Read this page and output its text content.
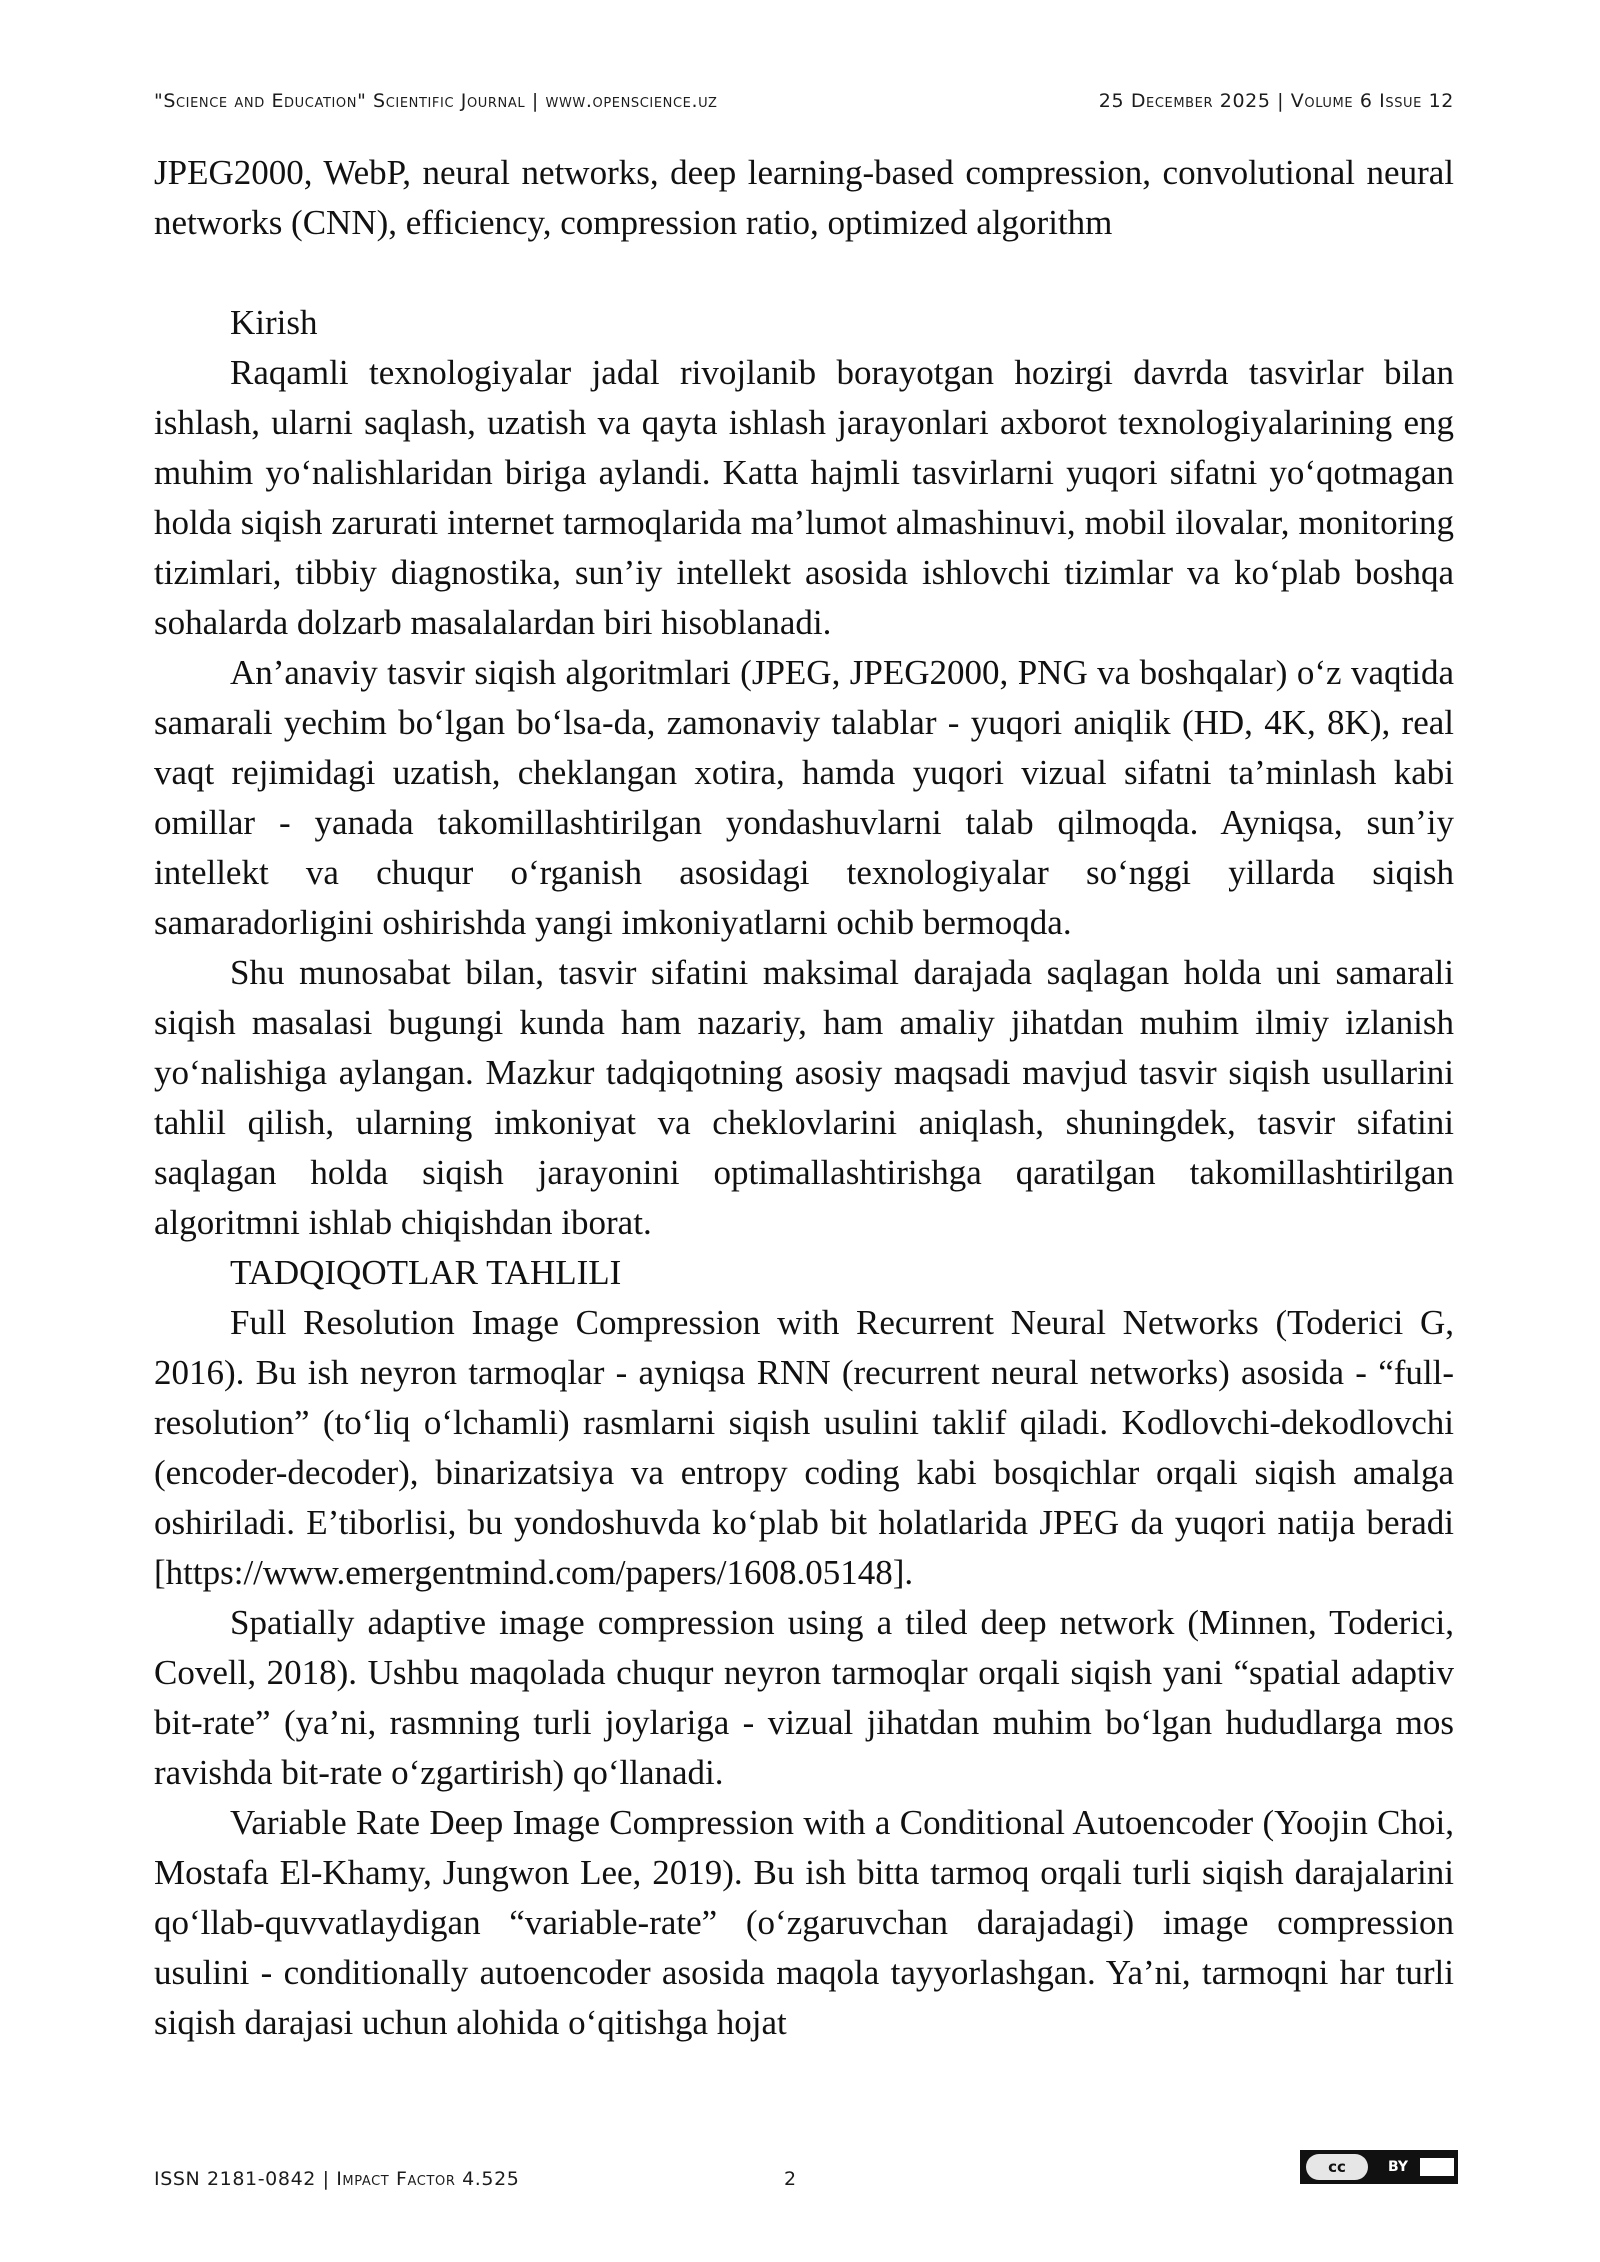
"Science and Education" Scientific Journal | www.openscience.uz	25 December 2025 | Volume 6 Issue 12

JPEG2000, WebP, neural networks, deep learning-based compression, convolutional neural networks (CNN), efficiency, compression ratio, optimized algorithm

Kirish

Raqamli texnologiyalar jadal rivojlanib borayotgan hozirgi davrda tasvirlar bilan ishlash, ularni saqlash, uzatish va qayta ishlash jarayonlari axborot texnologiyalarining eng muhim yo‘nalishlaridan biriga aylandi. Katta hajmli tasvirlarni yuqori sifatni yo‘qotmagan holda siqish zarurati internet tarmoqlarida ma’lumot almashinuvi, mobil ilovalar, monitoring tizimlari, tibbiy diagnostika, sun’iy intellekt asosida ishlovchi tizimlar va ko‘plab boshqa sohalarda dolzarb masalalardan biri hisoblanadi.

An’anaviy tasvir siqish algoritmlari (JPEG, JPEG2000, PNG va boshqalar) o‘z vaqtida samarali yechim bo‘lgan bo‘lsa-da, zamonaviy talablar - yuqori aniqlik (HD, 4K, 8K), real vaqt rejimidagi uzatish, cheklangan xotira, hamda yuqori vizual sifatni ta’minlash kabi omillar - yanada takomillashtirilgan yondashuvlarni talab qilmoqda. Ayniqsa, sun’iy intellekt va chuqur o‘rganish asosidagi texnologiyalar so‘nggi yillarda siqish samaradorligini oshirishda yangi imkoniyatlarni ochib bermoqda.

Shu munosabat bilan, tasvir sifatini maksimal darajada saqlagan holda uni samarali siqish masalasi bugungi kunda ham nazariy, ham amaliy jihatdan muhim ilmiy izlanish yo‘nalishiga aylangan. Mazkur tadqiqotning asosiy maqsadi mavjud tasvir siqish usullarini tahlil qilish, ularning imkoniyat va cheklovlarini aniqlash, shuningdek, tasvir sifatini saqlagan holda siqish jarayonini optimallashtirishga qaratilgan takomillashtirilgan algoritmni ishlab chiqishdan iborat.

TADQIQOTLAR TAHLILI

Full Resolution Image Compression with Recurrent Neural Networks (Toderici G, 2016). Bu ish neyron tarmoqlar - ayniqsa RNN (recurrent neural networks) asosida - “full-resolution” (to‘liq o‘lchamli) rasmlarni siqish usulini taklif qiladi. Kodlovchi-dekodlovchi (encoder-decoder), binarizatsiya va entropy coding kabi bosqichlar orqali siqish amalga oshiriladi. E’tiborlisi, bu yondoshuvda ko‘plab bit holatlarida JPEG da yuqori natija beradi [https://www.emergentmind.com/papers/1608.05148].

Spatially adaptive image compression using a tiled deep network (Minnen, Toderici, Covell, 2018). Ushbu maqolada chuqur neyron tarmoqlar orqali siqish yani “spatial adaptiv bit-rate” (ya’ni, rasmning turli joylariga - vizual jihatdan muhim bo‘lgan hududlarga mos ravishda bit-rate o‘zgartirish) qo‘llanadi.

Variable Rate Deep Image Compression with a Conditional Autoencoder (Yoojin Choi, Mostafa El-Khamy, Jungwon Lee, 2019). Bu ish bitta tarmoq orqali turli siqish darajalarini qo‘llab-quvvatlaydigan “variable-rate” (o‘zgaruvchan darajadagi) image compression usulini - conditionally autoencoder asosida maqola tayyorlashgan. Ya’ni, tarmoqni har turli siqish darajasi uchun alohida o‘qitishga hojat

ISSN 2181-0842 | Impact Factor 4.525	2
cc	BY
